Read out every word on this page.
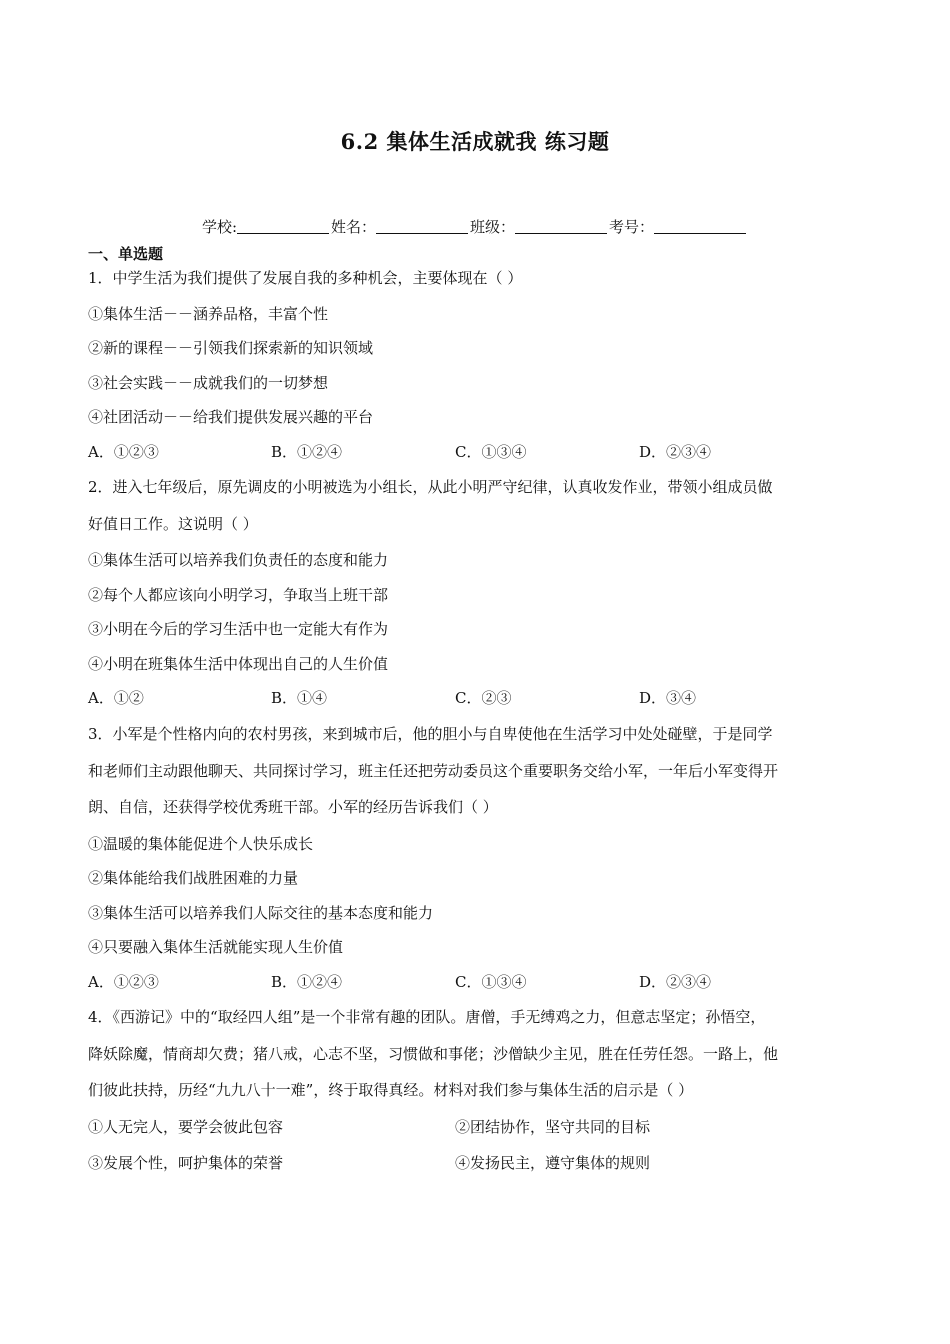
6.2 集体生活成就我 练习题
学校:	姓名：	班级：	考号：
一、单选题
1．中学生活为我们提供了发展自我的多种机会，主要体现在（ ）
①集体生活－－涵养品格，丰富个性
②新的课程－－引领我们探索新的知识领域
③社会实践－－成就我们的一切梦想
④社团活动－－给我们提供发展兴趣的平台
A．①②③	B．①②④	C．①③④	D．②③④
2．进入七年级后，原先调皮的小明被选为小组长，从此小明严守纪律，认真收发作业，带领小组成员做
好值日工作。这说明（ ）
①集体生活可以培养我们负责任的态度和能力
②每个人都应该向小明学习，争取当上班干部
③小明在今后的学习生活中也一定能大有作为
④小明在班集体生活中体现出自己的人生价值
A．①②	B．①④	C．②③	D．③④
3．小军是个性格内向的农村男孩，来到城市后，他的胆小与自卑使他在生活学习中处处碰壁，于是同学
和老师们主动跟他聊天、共同探讨学习，班主任还把劳动委员这个重要职务交给小军，一年后小军变得开
朗、自信，还获得学校优秀班干部。小军的经历告诉我们（ ）
①温暖的集体能促进个人快乐成长
②集体能给我们战胜困难的力量
③集体生活可以培养我们人际交往的基本态度和能力
④只要融入集体生活就能实现人生价值
A．①②③	B．①②④	C．①③④	D．②③④
4．《西游记》中的“取经四人组”是一个非常有趣的团队。唐僧，手无缚鸡之力，但意志坚定；孙悟空，
降妖除魔，情商却欠费；猪八戒，心志不坚，习惯做和事佬；沙僧缺少主见，胜在任劳任怨。一路上，他
们彼此扶持，历经“九九八十一难”，终于取得真经。材料对我们参与集体生活的启示是（ ）
①人无完人，要学会彼此包容	②团结协作，坚守共同的目标
③发展个性，呵护集体的荣誉	④发扬民主，遵守集体的规则
